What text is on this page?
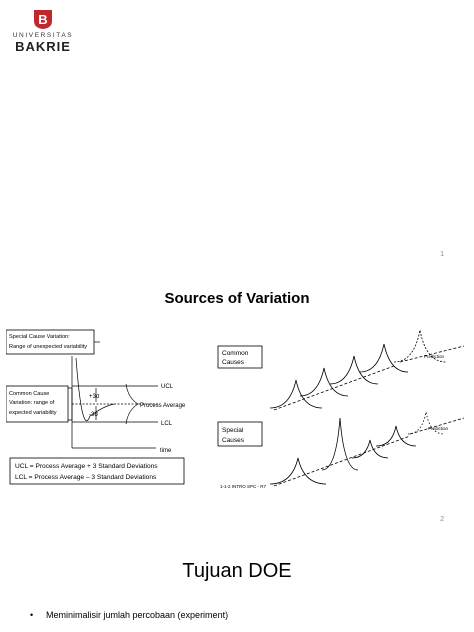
B
UNIVERSITAS
BAKRIE
1
Sources of Variation
Special Cause Variation:
Range of unexpected variability
Common Cause
Variation: range of
expected variability
+3σ
-3σ
UCL
Process Average
LCL
time
UCL = Process Average + 3 Standard Deviations
LCL = Process Average – 3 Standard Deviations
Common
Causes
Special
Causes
Prediction
Prediction
1-1-2 INTRO SPC - R7
2
Tujuan DOE
• Meminimalisir jumlah percobaan (experiment)
